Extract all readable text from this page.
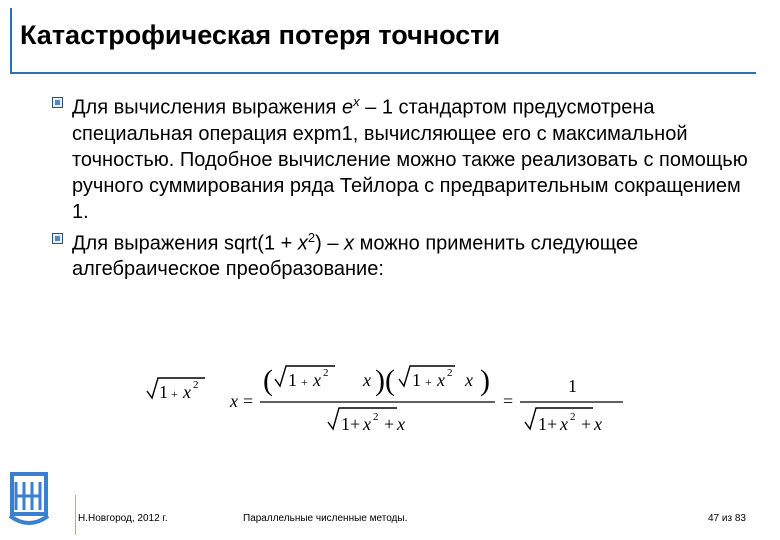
Катастрофическая потеря точности
Для вычисления выражения $e^x - 1$ стандартом предусмотрена специальная операция expm1, вычисляющее его с максимальной точностью. Подобное вычисление можно также реализовать с помощью ручного суммирования ряда Тейлора с предварительным сокращением 1.
Для выражения sqrt(1 + $x^2$) – x можно применить следующее алгебраическое преобразование:
1 + x 2
x =
( 1 + x 2 x )( 1 + x 2 x )
1+ x 2 + x
=
1
1+ x 2 + x
Н.Новгород, 2012 г.	Параллельные численные методы.	47 из 83
